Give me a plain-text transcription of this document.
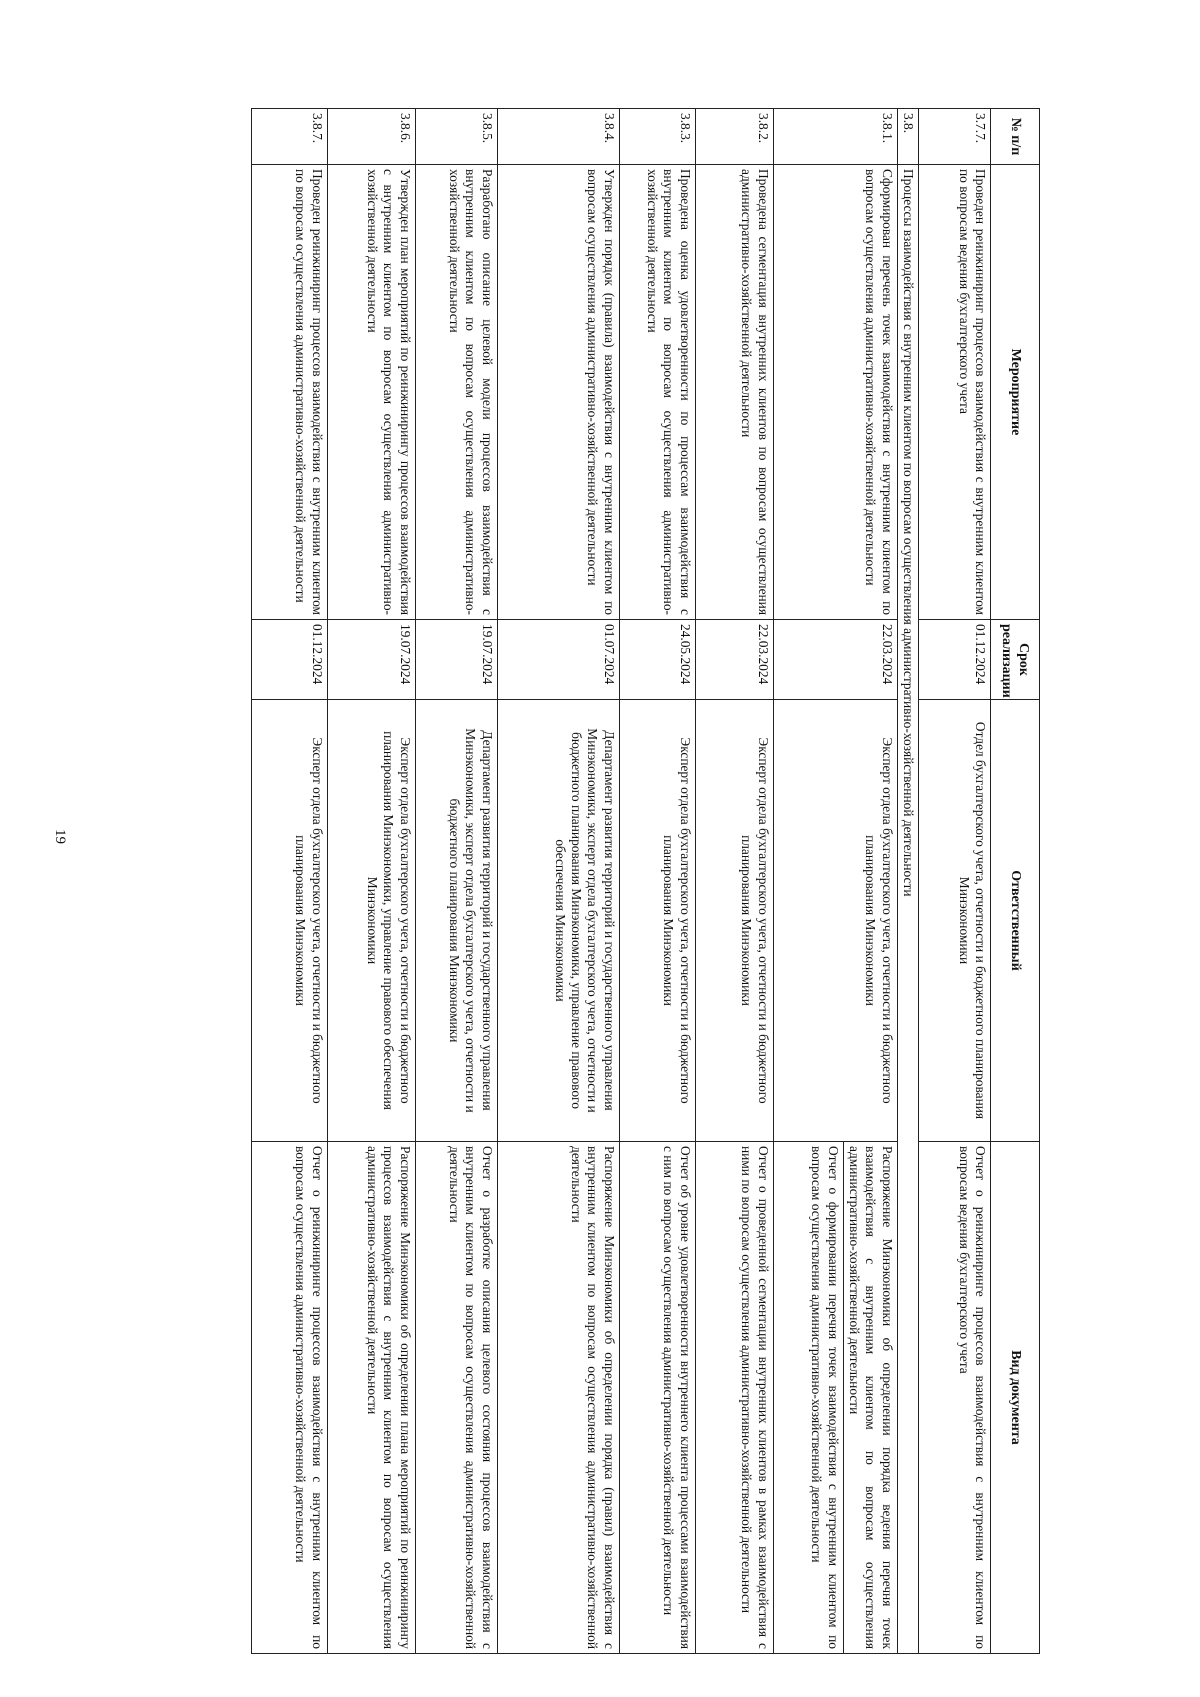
19
№ п/п	Мероприятие	Срок реализации	Ответственный	Вид документа
3.7.7.	Проведен реинжиниринг процессов взаимодействия с внутренним клиентом по вопросам ведения бухгалтерского учета	01.12.2024	Отдел бухгалтерского учета, отчетности и бюджетного планирования Минэкономики	Отчет о реинжиниринге процессов взаимодействия с внутренним клиентом по вопросам ведения бухгалтерского учета
3.8.	Процессы взаимодействия с внутренним клиентом по вопросам осуществления административно-хозяйственной деятельности			
3.8.1.	Сформирован перечень точек взаимодействия с внутренним клиентом по вопросам осуществления административно-хозяйственной деятельности	22.03.2024	Эксперт отдела бухгалтерского учета, отчетности и бюджетного планирования Минэкономики	Распоряжение Минэкономики об определении порядка ведения перечня точек взаимодействия с внутренним клиентом по вопросам осуществления административно-хозяйственной деятельности
Отчет о формировании перечня точек взаимодействия с внутренним клиентом по вопросам осуществления административно-хозяйственной деятельности

3.8.2.	Проведена сегментация внутренних клиентов по вопросам осуществления административно-хозяйственной деятельности	22.03.2024	Эксперт отдела бухгалтерского учета, отчетности и бюджетного планирования Минэкономики	Отчет о проведенной сегментации внутренних клиентов в рамках взаимодействия с ними по вопросам осуществления административно-хозяйственной деятельности
3.8.3.	Проведена оценка удовлетворенности по процессам взаимодействия с внутренним клиентом по вопросам осуществления административно-хозяйственной деятельности	24.05.2024	Эксперт отдела бухгалтерского учета, отчетности и бюджетного планирования Минэкономики	Отчет об уровне удовлетворенности внутреннего клиента процессами взаимодействия с ним по вопросам осуществления административно-хозяйственной деятельности
3.8.4.	Утвержден порядок (правила) взаимодействия с внутренним клиентом по вопросам осуществления административно-хозяйственной деятельности	01.07.2024	Департамент развития территорий и государственного управления Минэкономики, эксперт отдела бухгалтерского учета, отчетности и бюджетного планирования Минэкономики, управление правового обеспечения Минэкономики	Распоряжение Минэкономики об определении порядка (правил) взаимодействия с внутренним клиентом по вопросам осуществления административно-хозяйственной деятельности
3.8.5.	Разработано описание целевой модели процессов взаимодействия с внутренним клиентом по вопросам осуществления административно-хозяйственной деятельности	19.07.2024	Департамент развития территорий и государственного управления Минэкономики, эксперт отдела бухгалтерского учета, отчетности и бюджетного планирования Минэкономики	Отчет о разработке описания целевого состояния процессов взаимодействия с внутренним клиентом по вопросам осуществления административно-хозяйственной деятельности
3.8.6.	Утвержден план мероприятий по реинжинирингу процессов взаимодействия с внутренним клиентом по вопросам осуществления административно-хозяйственной деятельности	19.07.2024	Эксперт отдела бухгалтерского учета, отчетности и бюджетного планирования Минэкономики, управление правового обеспечения Минэкономики	Распоряжение Минэкономики об определении плана мероприятий по реинжинирингу процессов взаимодействия с внутренним клиентом по вопросам осуществления административно-хозяйственной деятельности
3.8.7.	Проведен реинжиниринг процессов взаимодействия с внутренним клиентом по вопросам осуществления административно-хозяйственной деятельности	01.12.2024	Эксперт отдела бухгалтерского учета, отчетности и бюджетного планирования Минэкономики	Отчет о реинжиниринге процессов взаимодействия с внутренним клиентом по вопросам осуществления административно-хозяйственной деятельности
